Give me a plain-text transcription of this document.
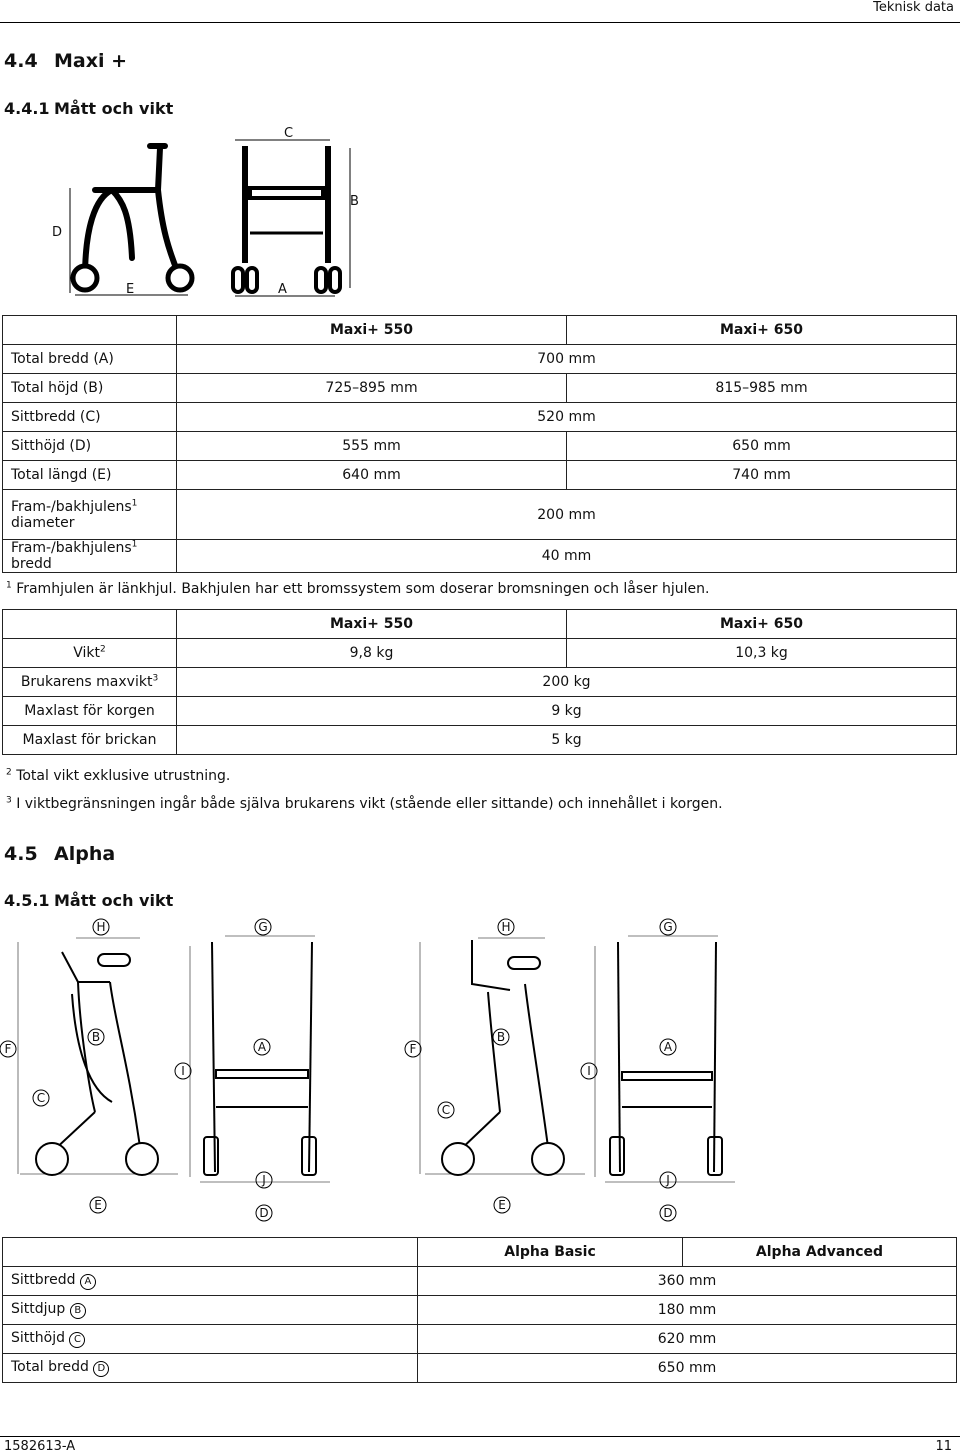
Teknisk data
4.4 Maxi +
4.4.1 Mått och vikt
C
B
D
E	A
	Maxi+ 550	Maxi+ 650
Total bredd (A)	700 mm	
Total höjd (B)	725–895 mm	815–985 mm
Sittbredd (C)	520 mm	
Sitthöjd (D)	555 mm	650 mm
Total längd (E)	640 mm	740 mm
Fram-/bakhjulens$^1$
diameter	200 mm	
Fram-/bakhjulens$^1$ bredd	40 mm	
$^1$ Framhjulen är länkhjul. Bakhjulen har ett bromssystem som doserar bromsningen och låser hjulen.
	Maxi+ 550	Maxi+ 650
Vikt$^2$	9,8 kg	10,3 kg
Brukarens maxvikt$^3$	200 kg	
Maxlast för korgen	9 kg	
Maxlast för brickan	5 kg	
$^2$ Total vikt exklusive utrustning.
$^3$ I viktbegränsningen ingår både själva brukarens vikt (stående eller sittande) och innehållet i korgen.
4.5 Alpha
4.5.1 Mått och vikt
H	G	H	G
F
B
A
I
F
B
A
I
C
C
J	J
E	E
D	D
	Alpha Basic	Alpha Advanced
Sittbredd A	360 mm	
Sittdjup B	180 mm	
Sitthöjd C	620 mm	
Total bredd D	650 mm	
1582613-A	11
